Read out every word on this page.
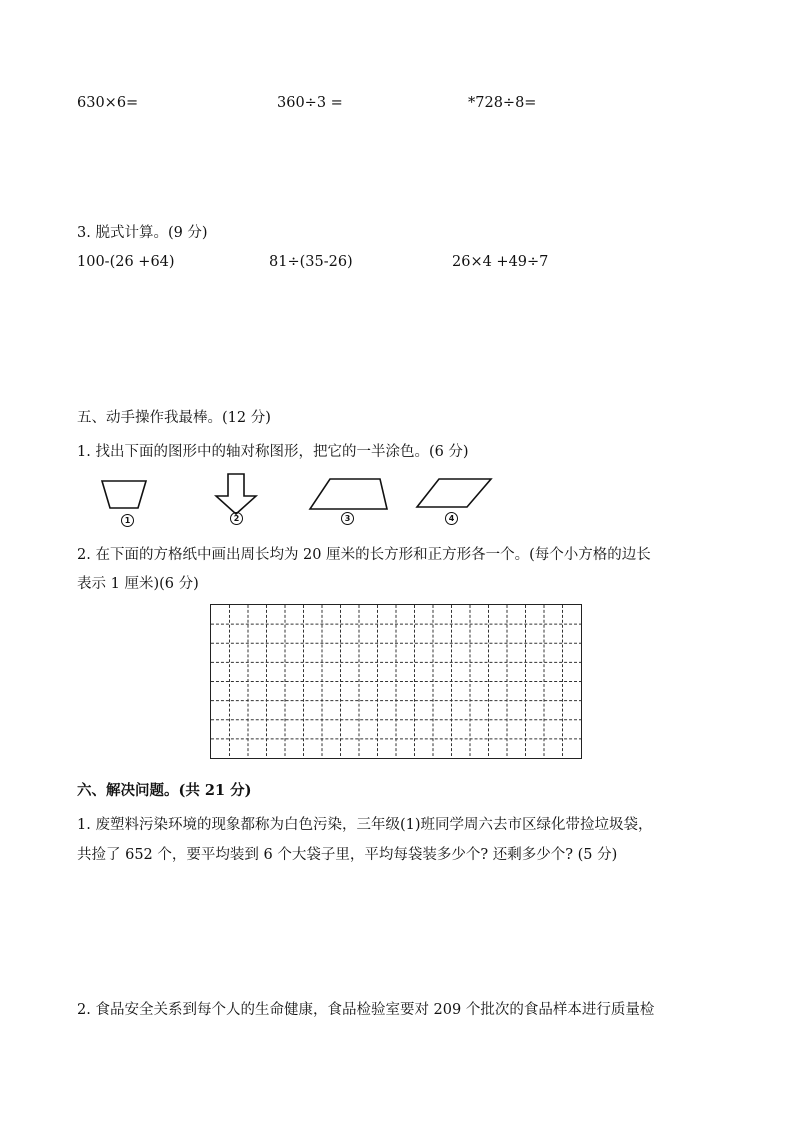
630×6=	360÷3 =	*728÷8=
3. 脱式计算。(9 分)
100-(26 +64)	81÷(35-26)	26×4 +49÷7
五、动手操作我最棒。(12 分)
1. 找出下面的图形中的轴对称图形，把它的一半涂色。(6 分)
1	2	3	4
2. 在下面的方格纸中画出周长均为 20 厘米的长方形和正方形各一个。(每个小方格的边长
表示 1 厘米)(6 分)
六、解决问题。(共 21 分)
1. 废塑料污染环境的现象都称为白色污染，三年级(1)班同学周六去市区绿化带捡垃圾袋，
共捡了 652 个，要平均装到 6 个大袋子里，平均每袋装多少个? 还剩多少个? (5 分)
2. 食品安全关系到每个人的生命健康，食品检验室要对 209 个批次的食品样本进行质量检
